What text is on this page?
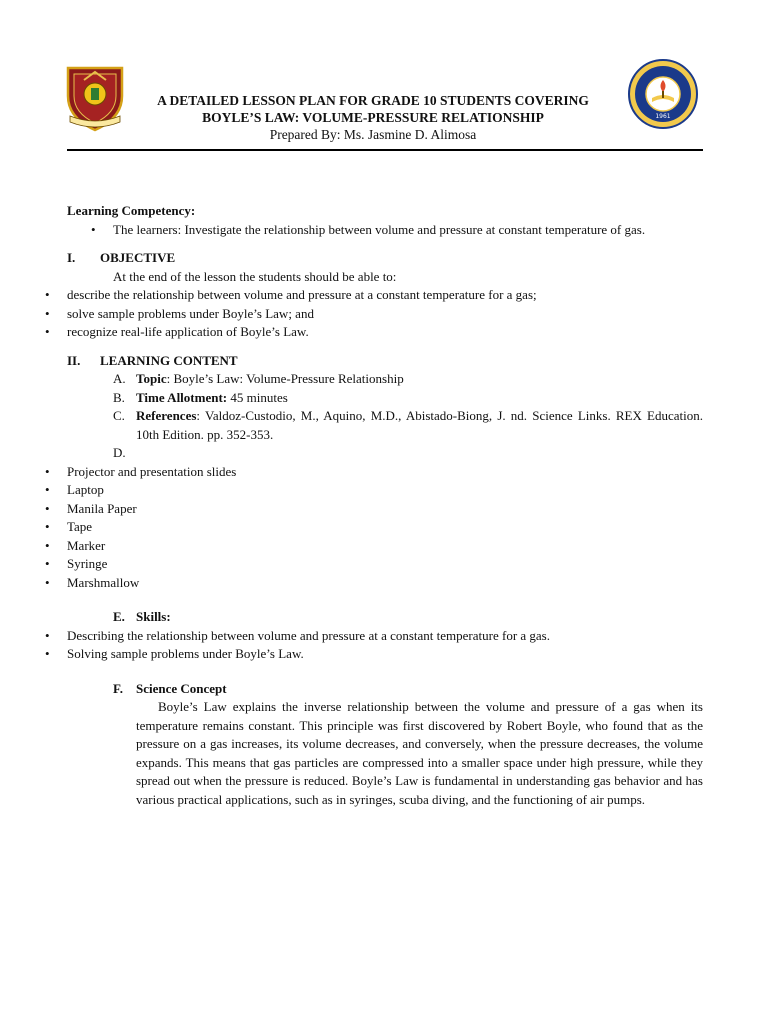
1961
A DETAILED LESSON PLAN FOR GRADE 10 STUDENTS COVERING
BOYLE’S LAW: VOLUME-PRESSURE RELATIONSHIP
Prepared By: Ms. Jasmine D. Alimosa
Learning Competency:
• The learners: Investigate the relationship between volume and pressure at constant temperature of gas.
I.	OBJECTIVE
At the end of the lesson the students should be able to:
• describe the relationship between volume and pressure at a constant temperature for a gas;
• solve sample problems under Boyle’s Law; and
• recognize real-life application of Boyle’s Law.
II.	LEARNING CONTENT
A. Topic: Boyle’s Law: Volume-Pressure Relationship
B. Time Allotment: 45 minutes
C. References: Valdoz-Custodio, M., Aquino, M.D., Abistado-Biong, J. nd. Science Links. REX Education. 10th Edition. pp. 352-353.
D.
• Projector and presentation slides
• Laptop
• Manila Paper
• Tape
• Marker
• Syringe
• Marshmallow
E. Skills:
• Describing the relationship between volume and pressure at a constant temperature for a gas.
• Solving sample problems under Boyle’s Law.
F.	Science Concept
Boyle’s Law explains the inverse relationship between the volume and pressure of a gas when its temperature remains constant. This principle was first discovered by Robert Boyle, who found that as the pressure on a gas increases, its volume decreases, and conversely, when the pressure decreases, the volume expands. This means that gas particles are compressed into a smaller space under high pressure, while they spread out when the pressure is reduced. Boyle’s Law is fundamental in understanding gas behavior and has various practical applications, such as in syringes, scuba diving, and the functioning of air pumps.
